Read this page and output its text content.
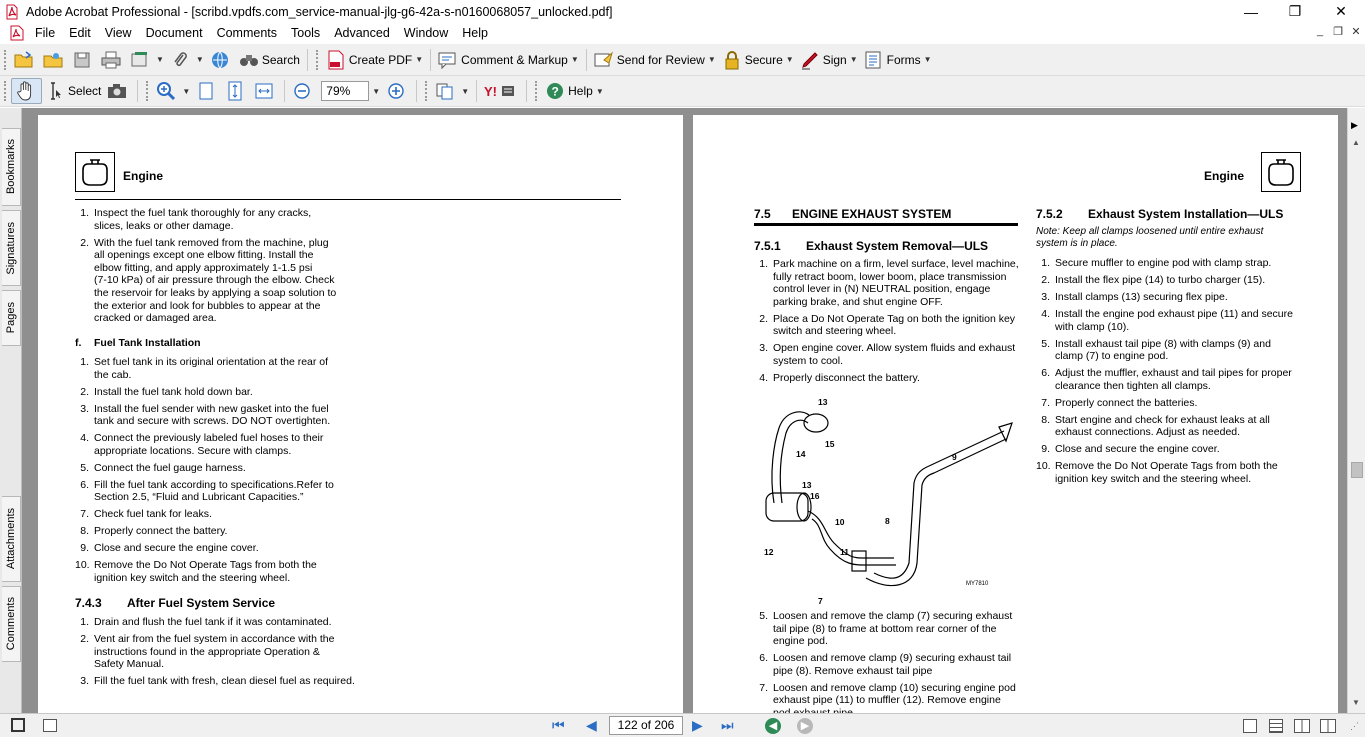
Adobe Acrobat Professional - [scribd.vpdfs.com_service-manual-jlg-g6-42a-s-n0160068057_unlocked.pdf]	—	❐	✕
File	Edit	View	Document	Comments	Tools	Advanced	Window	Help	_ ❐ ✕
▼	▼	Search	Create PDF ▼	Comment & Markup ▼	Send for Review ▼ Secure ▼ Sign ▼ Forms ▼
Select	▼	79%	▼	▼ Y!	? Help ▼
Bookmarks
Signatures
Pages
Attachments
Comments
Engine
1. Inspect the fuel tank thoroughly for any cracks,
slices, leaks or other damage.
2. With the fuel tank removed from the machine, plug
all openings except one elbow fitting. Install the
elbow fitting, and apply approximately 1-1.5 psi
(7-10 kPa) of air pressure through the elbow. Check
the reservoir for leaks by applying a soap solution to
the exterior and look for bubbles to appear at the
cracked or damaged area.
f. Fuel Tank Installation
1. Set fuel tank in its original orientation at the rear of
the cab.
2. Install the fuel tank hold down bar.
3. Install the fuel sender with new gasket into the fuel
tank and secure with screws. DO NOT overtighten.
4. Connect the previously labeled fuel hoses to their
appropriate locations. Secure with clamps.
5. Connect the fuel gauge harness.
6. Fill the fuel tank according to specifications.Refer to
Section 2.5, “Fluid and Lubricant Capacities.”
7. Check fuel tank for leaks.
8. Properly connect the battery.
9. Close and secure the engine cover.
10. Remove the Do Not Operate Tags from both the
ignition key switch and the steering wheel.
7.4.3 After Fuel System Service
1. Drain and flush the fuel tank if it was contaminated.
2. Vent air from the fuel system in accordance with the
instructions found in the appropriate Operation &
Safety Manual.
3. Fill the fuel tank with fresh, clean diesel fuel as required.
Engine
7.5 ENGINE EXHAUST SYSTEM
7.5.1 Exhaust System Removal—ULS
1. Park machine on a firm, level surface, level machine,
fully retract boom, lower boom, place transmission
control lever in (N) NEUTRAL position, engage
parking brake, and shut engine OFF.
2. Place a Do Not Operate Tag on both the ignition key
switch and steering wheel.
3. Open engine cover. Allow system fluids and exhaust
system to cool.
4. Properly disconnect the battery.
13
15
14
13
16
10
12	11
8
9
7
MY7810
5. Loosen and remove the clamp (7) securing exhaust
tail pipe (8) to frame at bottom rear corner of the
engine pod.
6. Loosen and remove clamp (9) securing exhaust tail
pipe (8). Remove exhaust tail pipe
7. Loosen and remove clamp (10) securing engine pod
exhaust pipe (11) to muffler (12). Remove engine
7.5.2 Exhaust System Installation—ULS
Note: Keep all clamps loosened until entire exhaust
system is in place.
1. Secure muffler to engine pod with clamp strap.
2. Install the flex pipe (14) to turbo charger (15).
3. Install clamps (13) securing flex pipe.
4. Install the engine pod exhaust pipe (11) and secure
with clamp (10).
5. Install exhaust tail pipe (8) with clamps (9) and
clamp (7) to engine pod.
6. Adjust the muffler, exhaust and tail pipes for proper
clearance then tighten all clamps.
7. Properly connect the batteries.
8. Start engine and check for exhaust leaks at all
exhaust connections. Adjust as needed.
9. Close and secure the engine cover.
10. Remove the Do Not Operate Tags from both the
ignition key switch and the steering wheel.
▶
▲
▼
⏮ ◀	122 of 206	▶ ⏭	◀	▶	⋰
